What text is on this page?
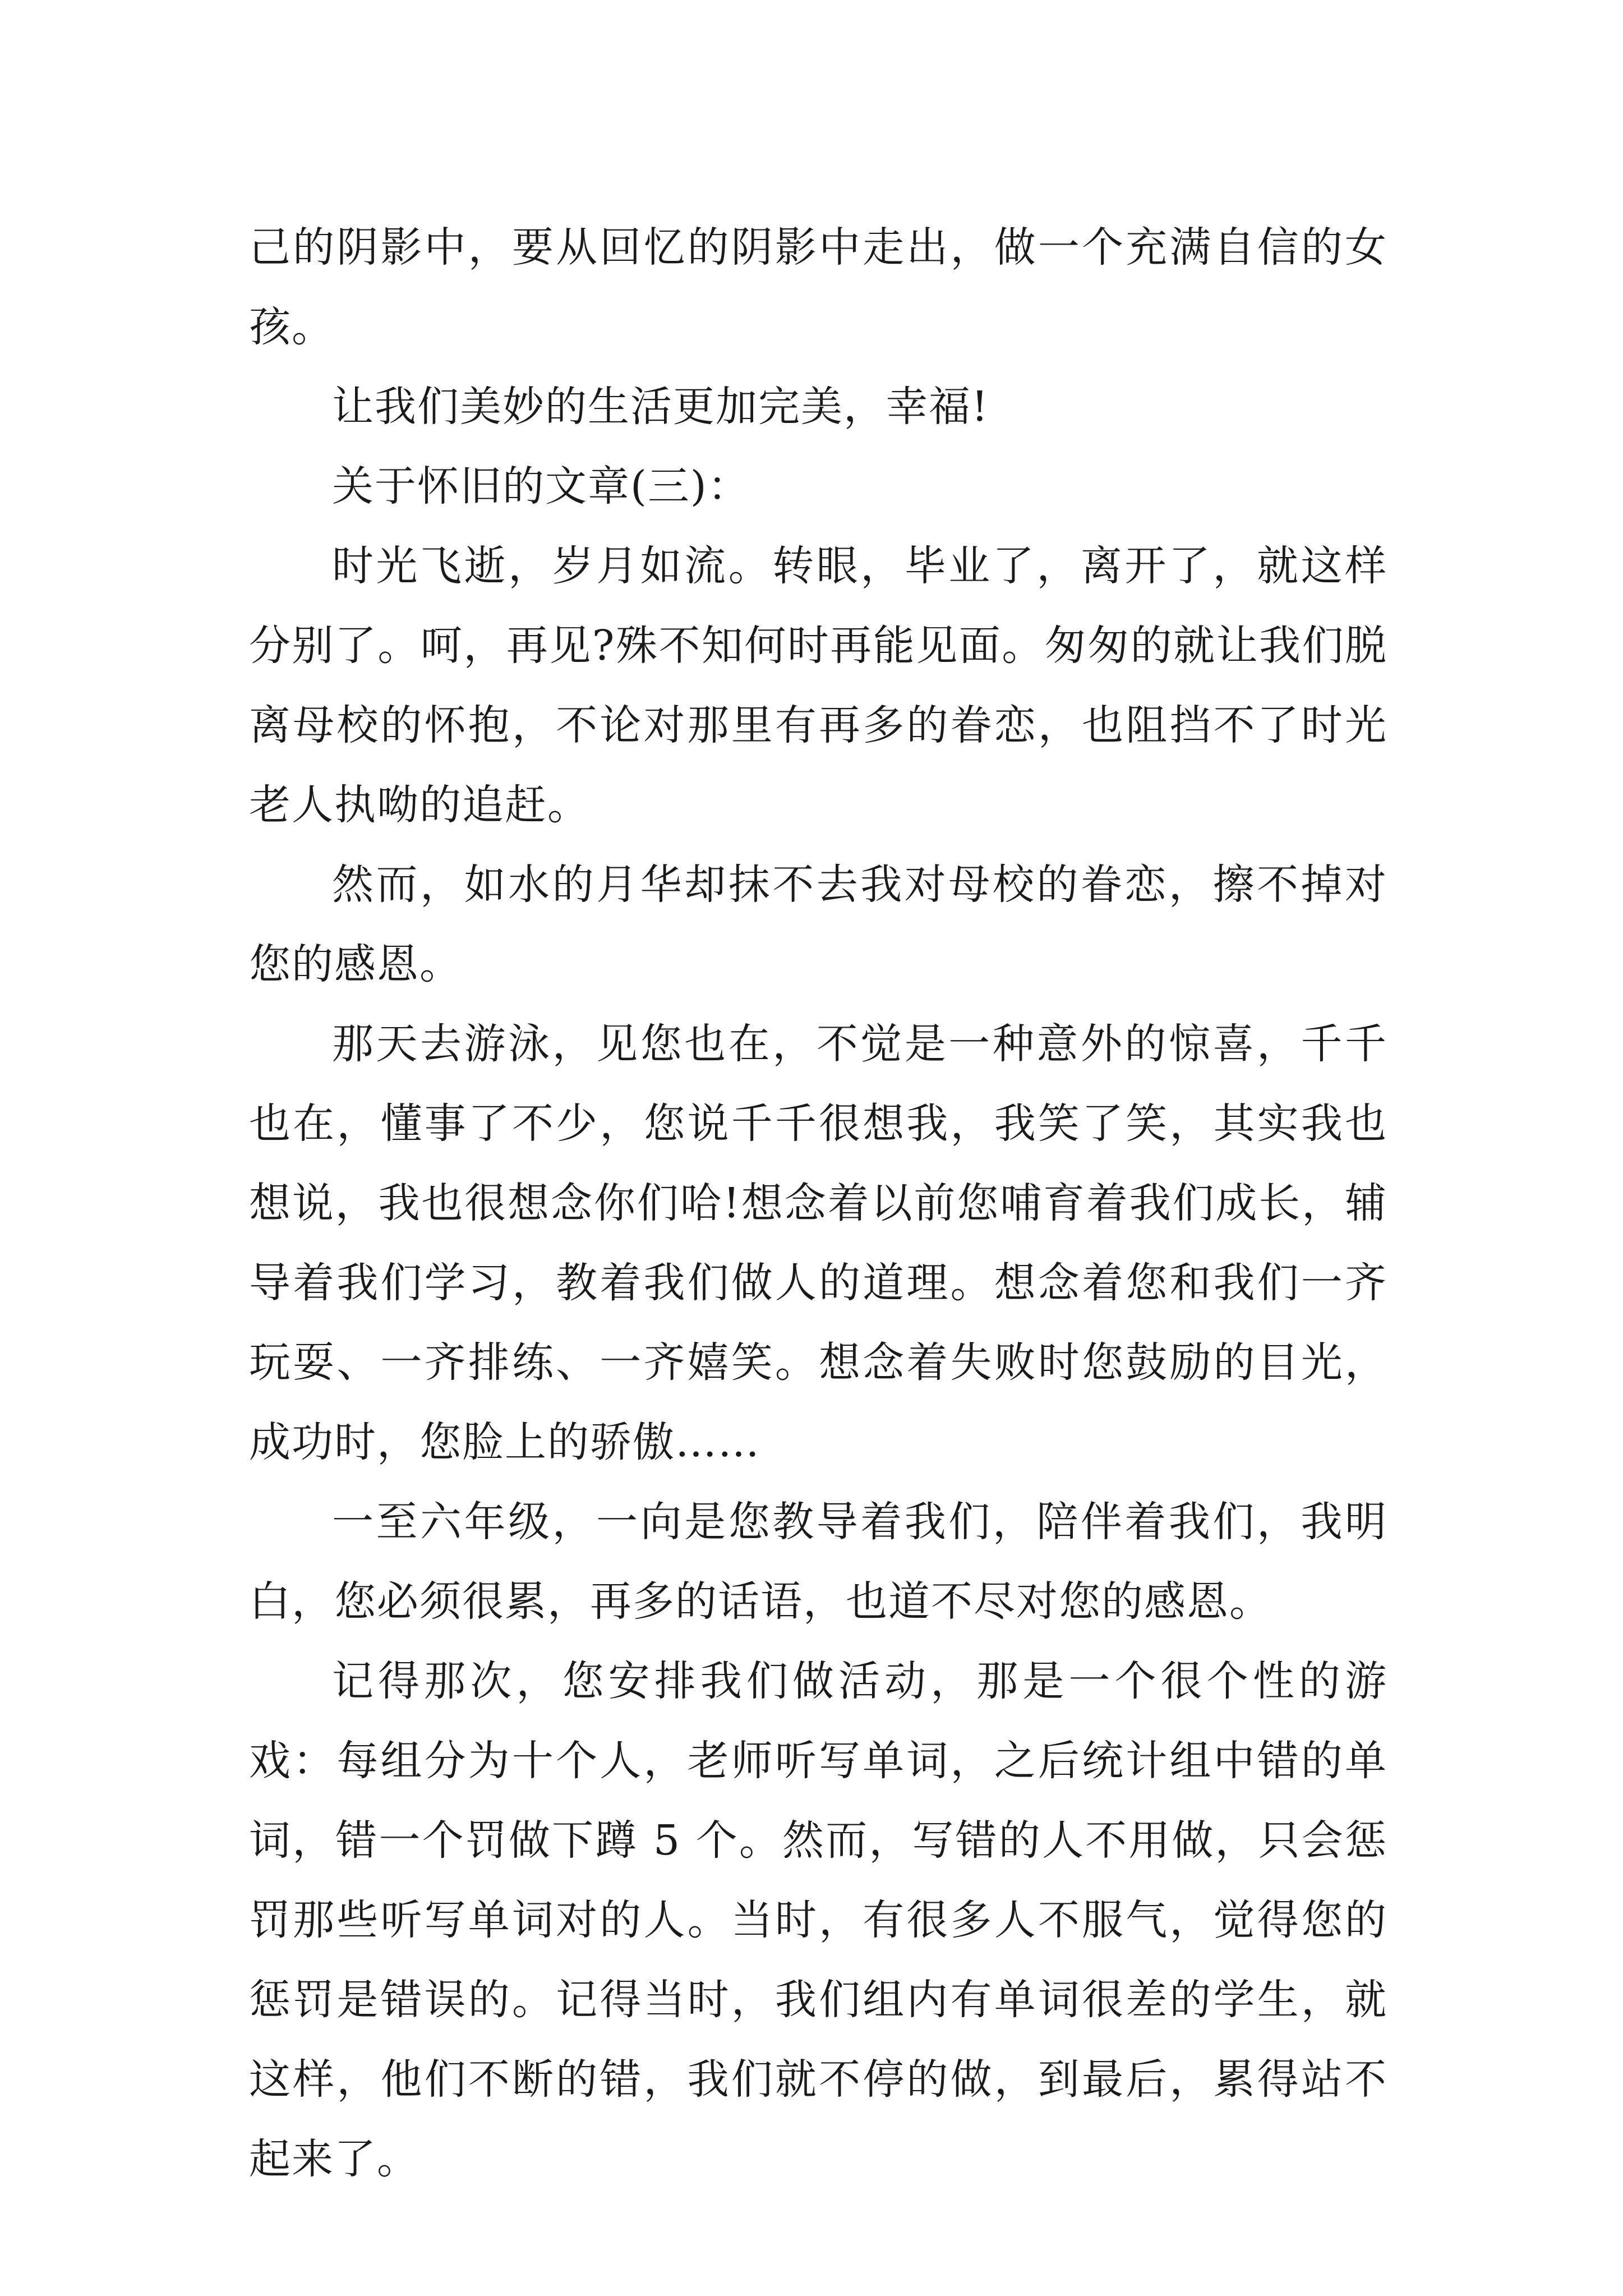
己的阴影中，要从回忆的阴影中走出，做一个充满自信的女孩。

让我们美妙的生活更加完美，幸福!

关于怀旧的文章(三)：

时光飞逝，岁月如流。转眼，毕业了，离开了，就这样分别了。呵，再见?殊不知何时再能见面。匆匆的就让我们脱离母校的怀抱，不论对那里有再多的眷恋，也阻挡不了时光老人执呦的追赶。

然而，如水的月华却抹不去我对母校的眷恋，擦不掉对您的感恩。

那天去游泳，见您也在，不觉是一种意外的惊喜，千千也在，懂事了不少，您说千千很想我，我笑了笑，其实我也想说，我也很想念你们哈!想念着以前您哺育着我们成长，辅导着我们学习，教着我们做人的道理。想念着您和我们一齐玩耍、一齐排练、一齐嬉笑。想念着失败时您鼓励的目光，成功时，您脸上的骄傲……

一至六年级，一向是您教导着我们，陪伴着我们，我明白，您必须很累，再多的话语，也道不尽对您的感恩。

记得那次，您安排我们做活动，那是一个很个性的游戏：每组分为十个人，老师听写单词，之后统计组中错的单词，错一个罚做下蹲 5 个。然而，写错的人不用做，只会惩罚那些听写单词对的人。当时，有很多人不服气，觉得您的惩罚是错误的。记得当时，我们组内有单词很差的学生，就这样，他们不断的错，我们就不停的做，到最后，累得站不起来了。
